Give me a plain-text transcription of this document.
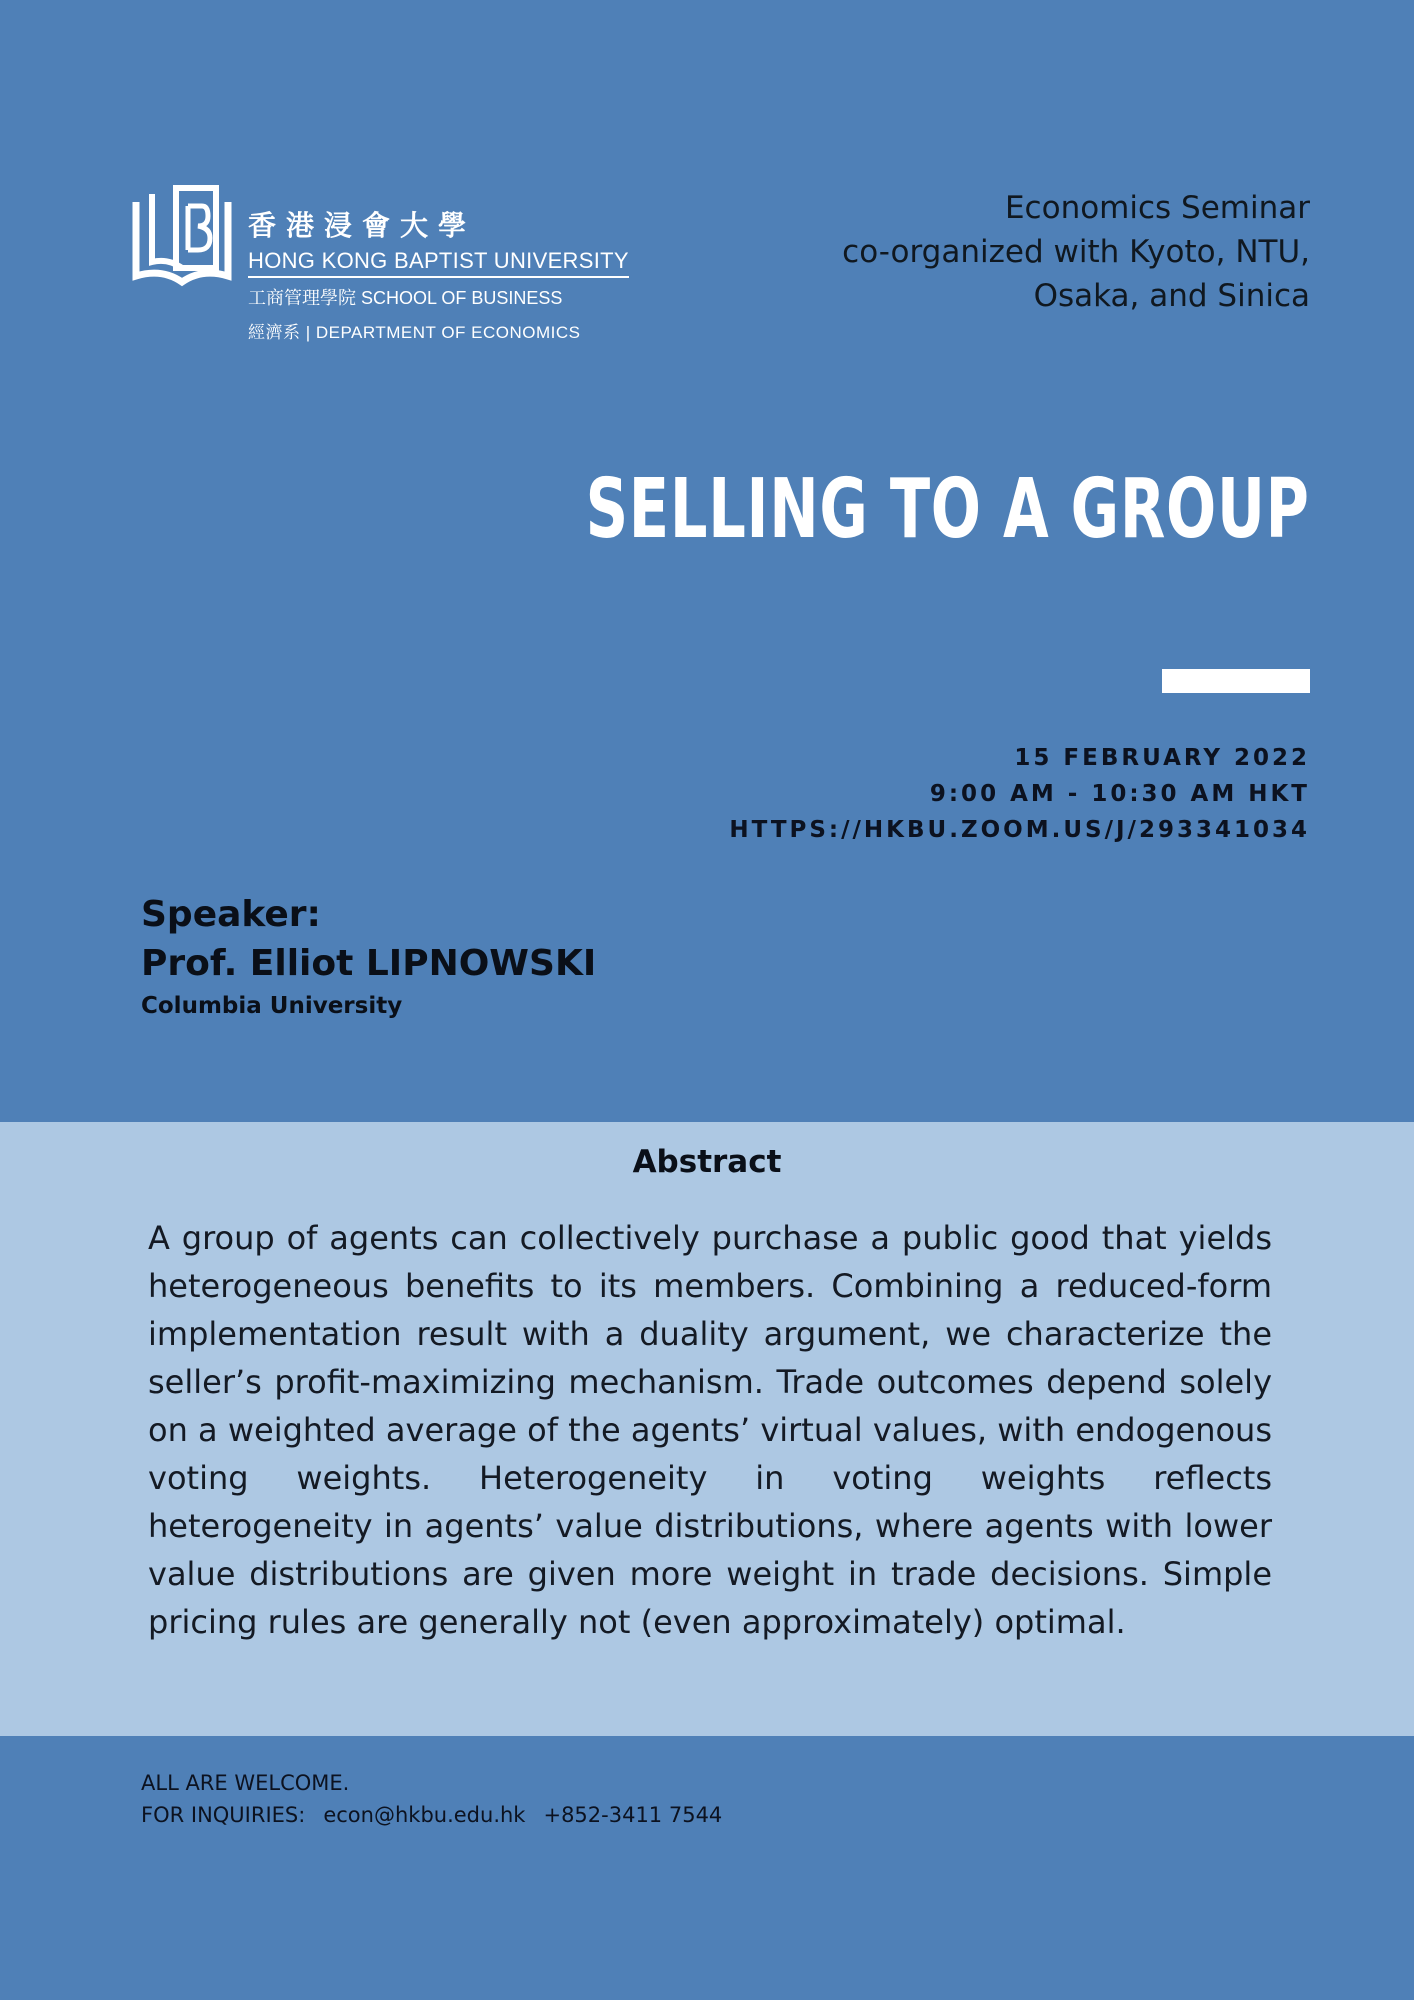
香港浸會大學
HONG KONG BAPTIST UNIVERSITY
工商管理學院 SCHOOL OF BUSINESS
經濟系 | DEPARTMENT OF ECONOMICS
Economics Seminar
co-organized with Kyoto, NTU,
Osaka, and Sinica
SELLING TO A GROUP
15 FEBRUARY 2022
9:00 AM - 10:30 AM HKT
HTTPS://HKBU.ZOOM.US/J/293341034
Speaker:
Prof. Elliot LIPNOWSKI
Columbia University
Abstract
A group of agents can collectively purchase a public good that yields heterogeneous benefits to its members. Combining a reduced-form implementation result with a duality argument, we characterize the seller’s profit-maximizing mechanism. Trade outcomes depend solely on a weighted average of the agents’ virtual values, with endogenous voting weights. Heterogeneity in voting weights reflects heterogeneity in agents’ value distributions, where agents with lower value distributions are given more weight in trade decisions. Simple pricing rules are generally not (even approximately) optimal.
ALL ARE WELCOME.
FOR INQUIRIES: econ@hkbu.edu.hk +852-3411 7544
